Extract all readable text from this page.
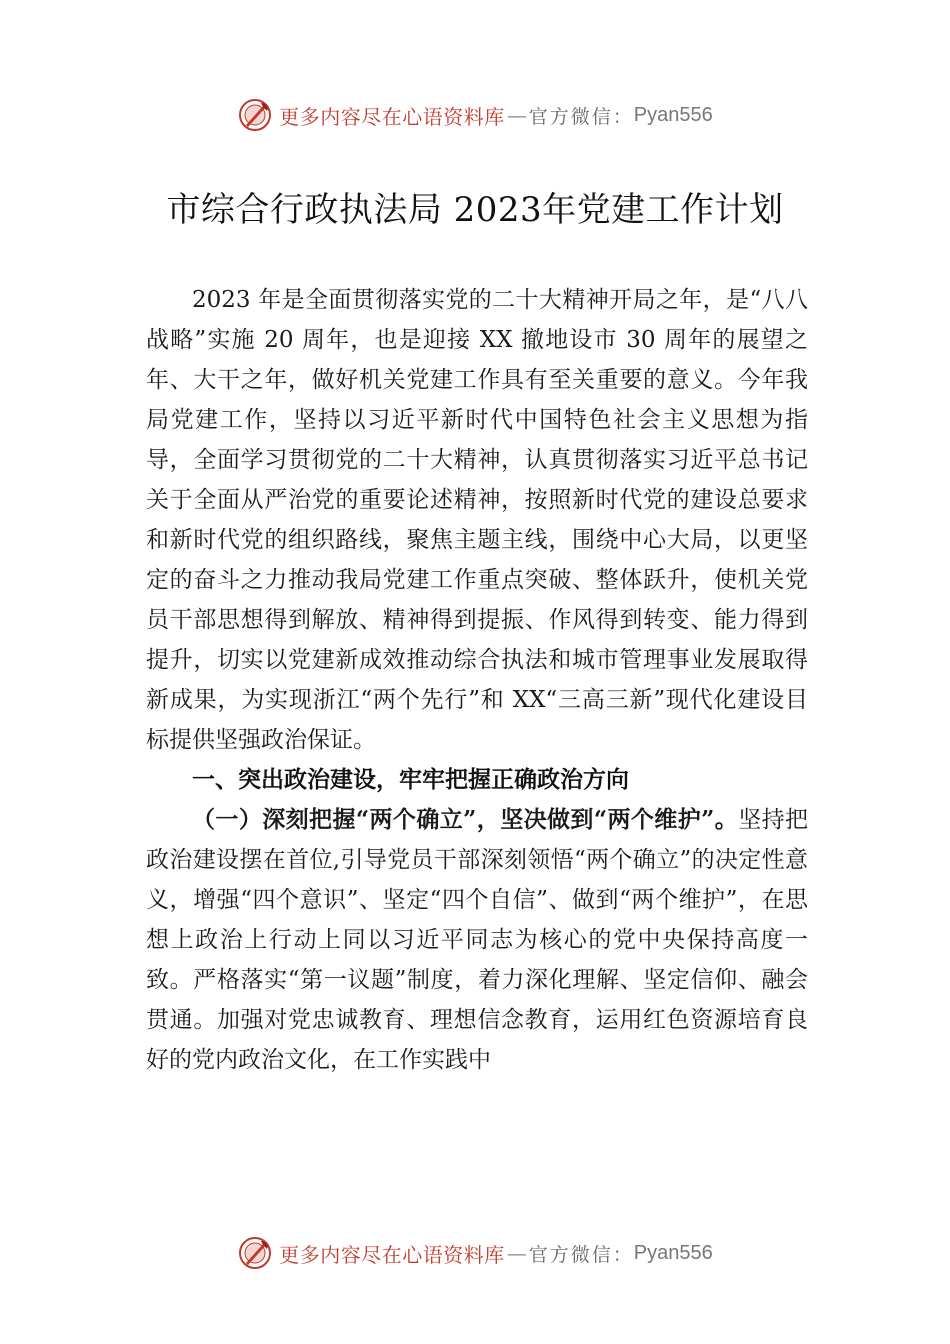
更多内容尽在心语资料库 — 官方微信： Pyan556
市综合行政执法局 2023年党建工作计划

2023 年是全面贯彻落实党的二十大精神开局之年，是“八八战略”实施 20 周年，也是迎接 XX 撤地设市 30 周年的展望之年、大干之年，做好机关党建工作具有至关重要的意义。今年我局党建工作，坚持以习近平新时代中国特色社会主义思想为指导，全面学习贯彻党的二十大精神，认真贯彻落实习近平总书记关于全面从严治党的重要论述精神，按照新时代党的建设总要求和新时代党的组织路线，聚焦主题主线，围绕中心大局，以更坚定的奋斗之力推动我局党建工作重点突破、整体跃升，使机关党员干部思想得到解放、精神得到提振、作风得到转变、能力得到提升，切实以党建新成效推动综合执法和城市管理事业发展取得新成果，为实现浙江“两个先行”和 XX“三高三新”现代化建设目标提供坚强政治保证。

一、突出政治建设，牢牢把握正确政治方向

（一）深刻把握“两个确立”，坚决做到“两个维护”。坚持把政治建设摆在首位,引导党员干部深刻领悟“两个确立”的决定性意义，增强“四个意识”、坚定“四个自信”、做到“两个维护”，在思想上政治上行动上同以习近平同志为核心的党中央保持高度一致。严格落实“第一议题”制度，着力深化理解、坚定信仰、融会贯通。加强对党忠诚教育、理想信念教育，运用红色资源培育良好的党内政治文化，在工作实践中

更多内容尽在心语资料库 — 官方微信： Pyan556
